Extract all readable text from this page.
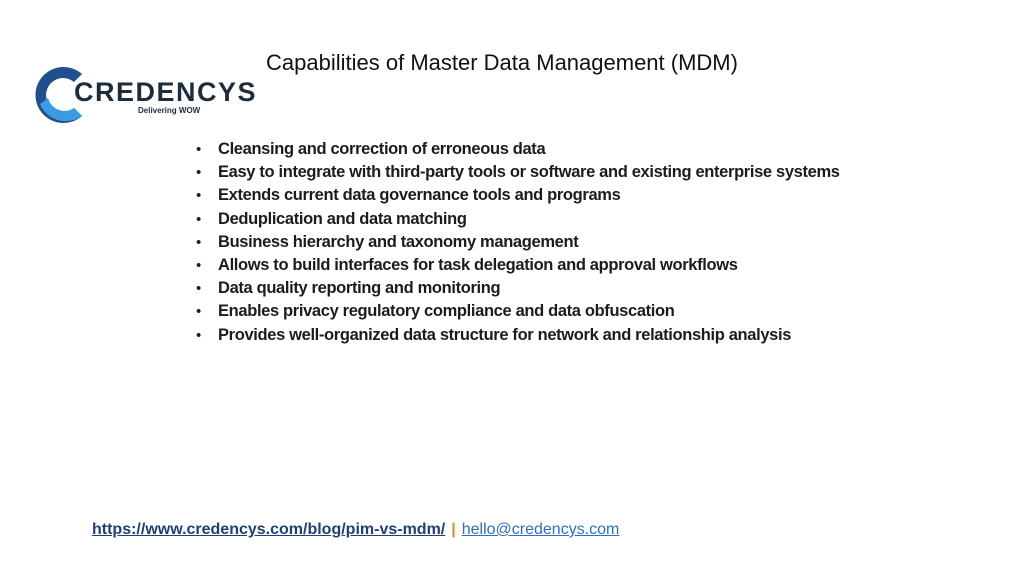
Capabilities of Master Data Management (MDM)
CREDENCYS
Delivering WOW
• Cleansing and correction of erroneous data
• Easy to integrate with third-party tools or software and existing enterprise systems
• Extends current data governance tools and programs
• Deduplication and data matching
• Business hierarchy and taxonomy management
• Allows to build interfaces for task delegation and approval workflows
• Data quality reporting and monitoring
• Enables privacy regulatory compliance and data obfuscation
• Provides well-organized data structure for network and relationship analysis
https://www.credencys.com/blog/pim-vs-mdm/ | hello@credencys.com
